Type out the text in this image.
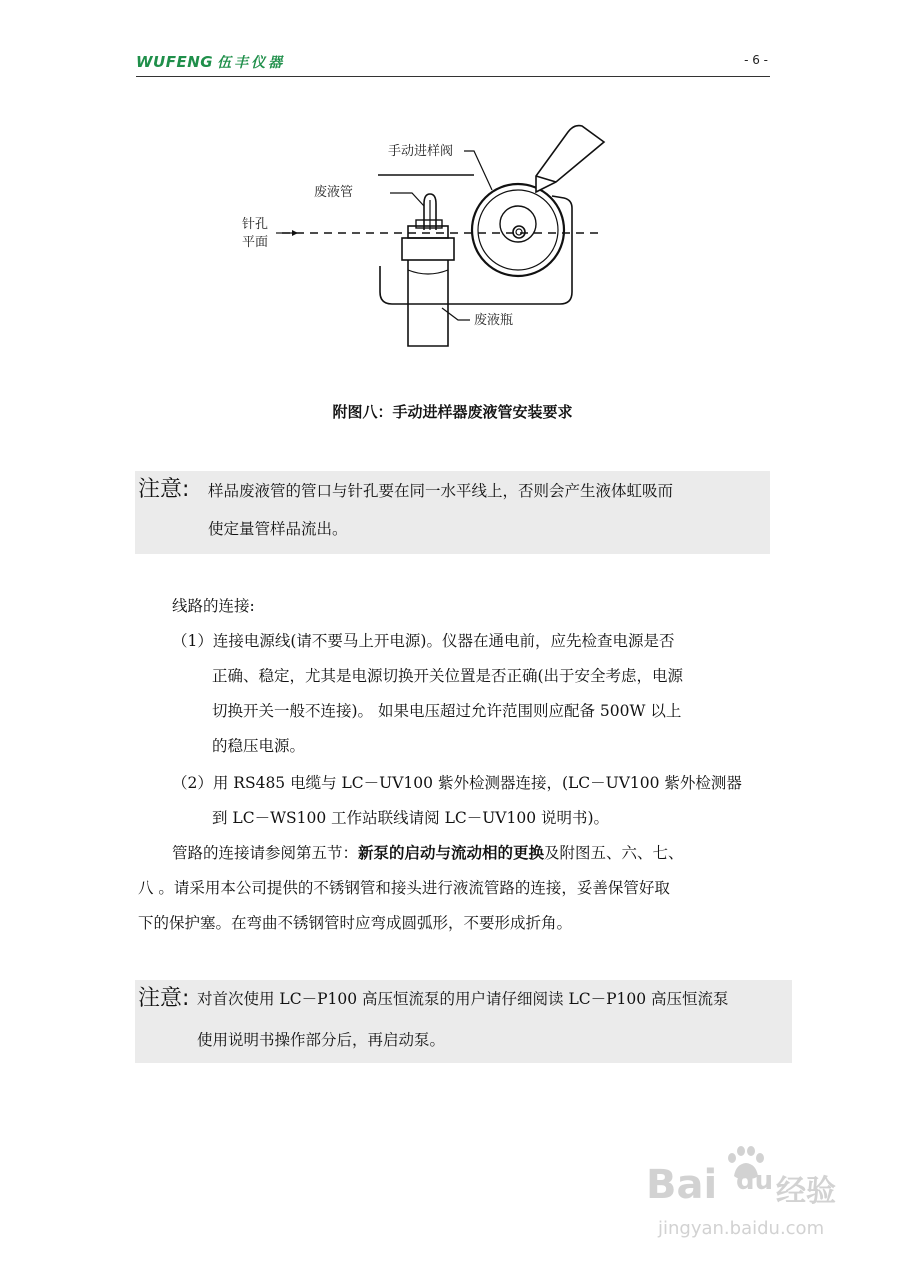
WUFENG 伍丰仪器	- 6 -
手动进样阀
废液管
针孔
平面
废液瓶
附图八：手动进样器废液管安装要求
注意: 样品废液管的管口与针孔要在同一水平线上，否则会产生液体虹吸而
使定量管样品流出。
线路的连接:
（1）连接电源线(请不要马上开电源)。仪器在通电前，应先检查电源是否
正确、稳定，尤其是电源切换开关位置是否正确(出于安全考虑，电源
切换开关一般不连接)。 如果电压超过允许范围则应配备 500W 以上
的稳压电源。
（2）用 RS485 电缆与 LC－UV100 紫外检测器连接，(LC－UV100 紫外检测器
到 LC－WS100 工作站联线请阅 LC－UV100 说明书)。
管路的连接请参阅第五节：新泵的启动与流动相的更换及附图五、六、七、
八 。请采用本公司提供的不锈钢管和接头进行液流管路的连接，妥善保管好取
下的保护塞。在弯曲不锈钢管时应弯成圆弧形，不要形成折角。
注意: 对首次使用 LC－P100 高压恒流泵的用户请仔细阅读 LC－P100 高压恒流泵
使用说明书操作部分后，再启动泵。
Bai du 经验
jingyan.baidu.com
